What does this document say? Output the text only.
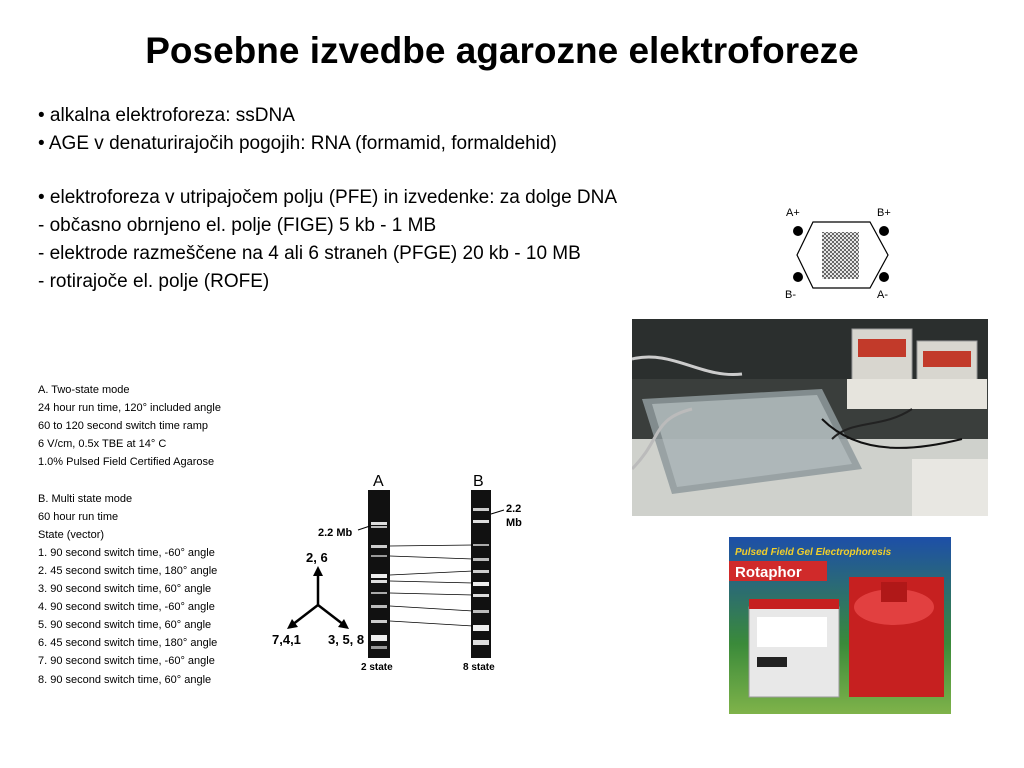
Posebne izvedbe agarozne elektroforeze
• alkalna elektroforeza: ssDNA
• AGE v denaturirajočih pogojih: RNA (formamid, formaldehid)
• elektroforeza v utripajočem polju (PFE) in izvedenke: za dolge DNA
- občasno obrnjeno el. polje (FIGE) 5 kb - 1 MB
- elektrode razmeščene na 4 ali 6 straneh (PFGE) 20 kb - 10 MB
- rotirajoče el. polje (ROFE)
A+	B+
B-	A-
A. Two-state mode
24 hour run time, 120° included angle
60 to 120 second switch time ramp
6 V/cm, 0.5x TBE at 14° C
1.0% Pulsed Field Certified Agarose
B. Multi state mode
60 hour run time
State (vector)
1. 90 second switch time, -60° angle
2. 45 second switch time, 180° angle
3. 90 second switch time, 60° angle
4. 90 second switch time, -60° angle
5. 90 second switch time, 60° angle
6. 45 second switch time, 180° angle
7. 90 second switch time, -60° angle
8. 90 second switch time, 60° angle
2, 6
7,4,1 3, 5, 8
A	B
2.2 Mb
2.2
Mb
2 state	8 state
Pulsed Field Gel Electrophoresis
Rotaphor
